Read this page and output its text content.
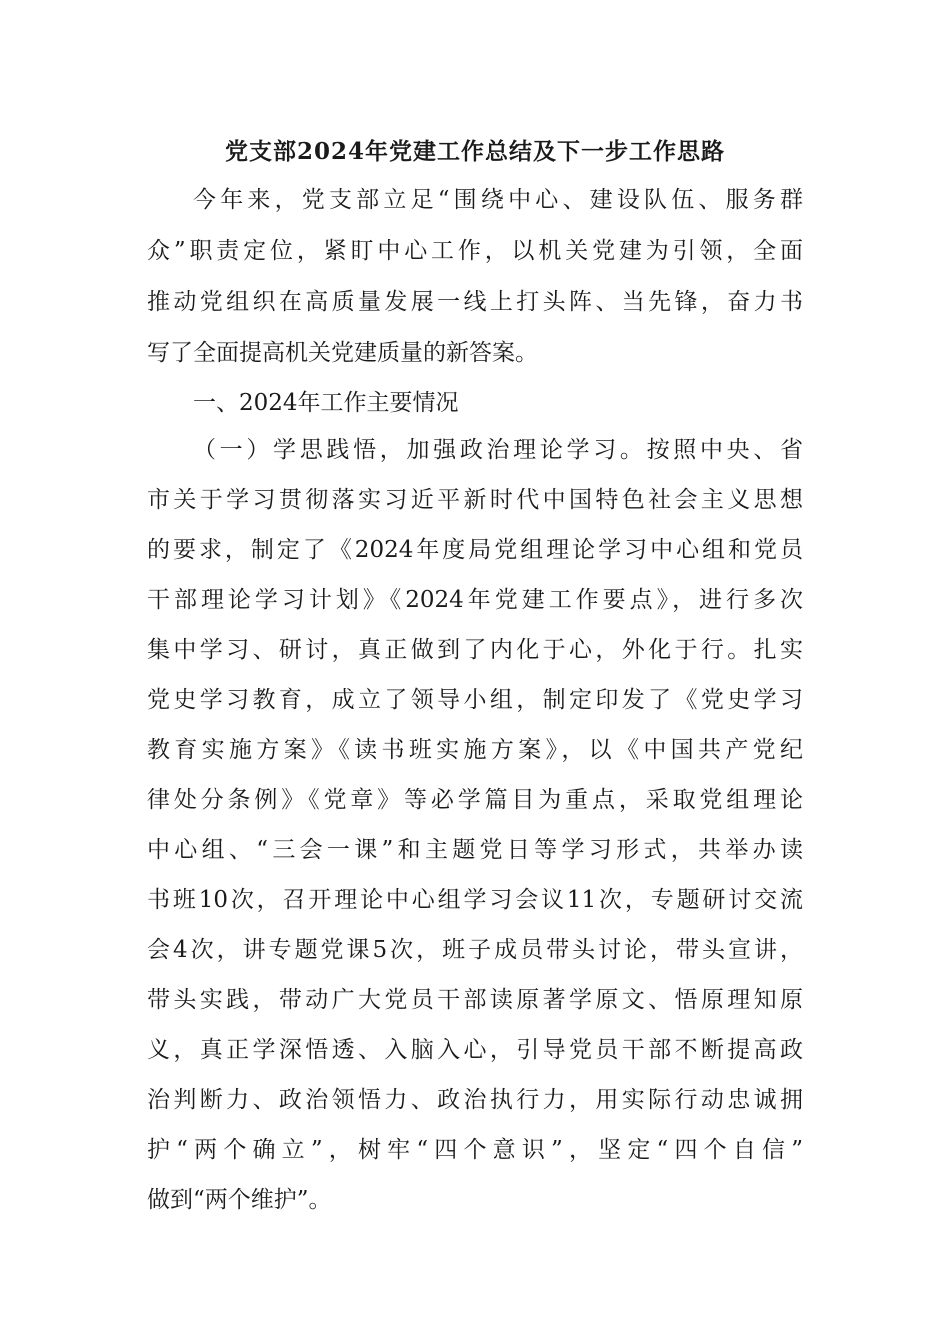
党支部2024年党建工作总结及下一步工作思路
今年来，党支部立足“围绕中心、建设队伍、服务群
众”职责定位，紧盯中心工作，以机关党建为引领，全面
推动党组织在高质量发展一线上打头阵、当先锋，奋力书
写了全面提高机关党建质量的新答案。
一、2024年工作主要情况
（一）学思践悟，加强政治理论学习。按照中央、省
市关于学习贯彻落实习近平新时代中国特色社会主义思想
的要求，制定了《2024年度局党组理论学习中心组和党员
干部理论学习计划》《2024年党建工作要点》，进行多次
集中学习、研讨，真正做到了内化于心，外化于行。扎实
党史学习教育，成立了领导小组，制定印发了《党史学习
教育实施方案》《读书班实施方案》，以《中国共产党纪
律处分条例》《党章》等必学篇目为重点，采取党组理论
中心组、“三会一课”和主题党日等学习形式，共举办读
书班10次，召开理论中心组学习会议11次，专题研讨交流
会4次，讲专题党课5次，班子成员带头讨论，带头宣讲，
带头实践，带动广大党员干部读原著学原文、悟原理知原
义，真正学深悟透、入脑入心，引导党员干部不断提高政
治判断力、政治领悟力、政治执行力，用实际行动忠诚拥
护“两个确立”，树牢“四个意识”，坚定“四个自信”
做到“两个维护”。
